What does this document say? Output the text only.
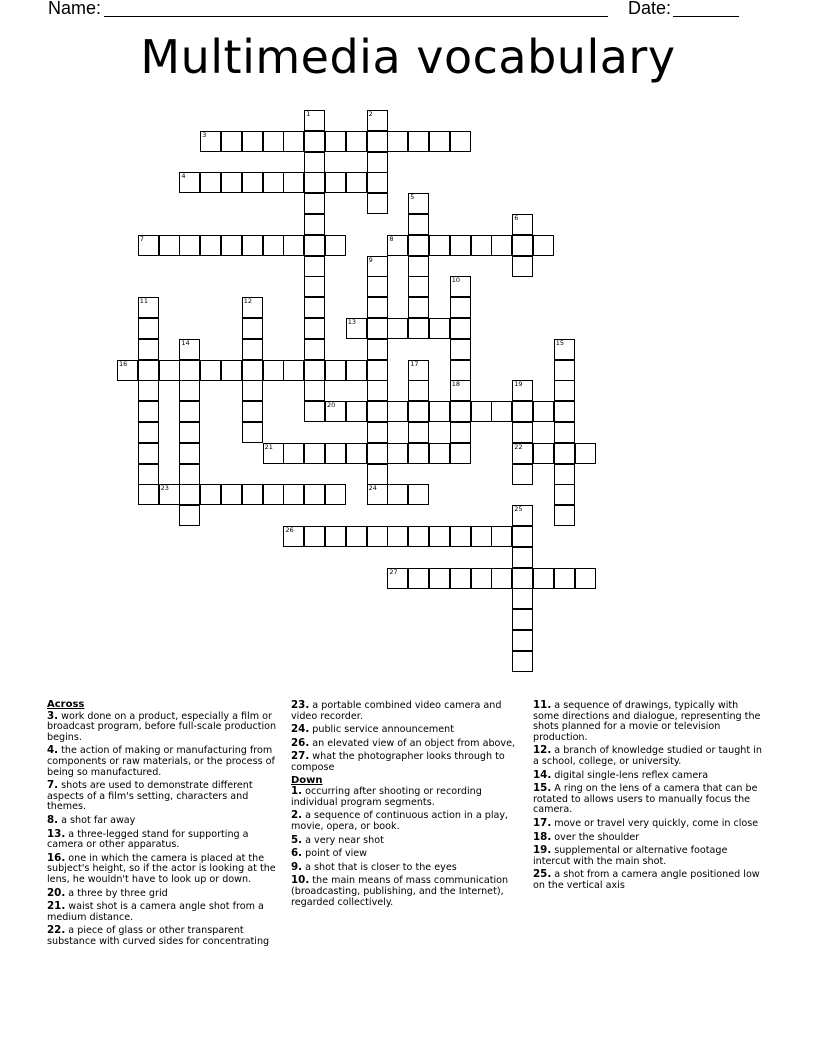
Name:	Date:
Multimedia vocabulary
3
4
7	8
13
16
20
21	22
23	24
26
27
1	2
5
6
9
10
11	12
14	15
17
18	19
25
Across
3. work done on a product, especially a film or broadcast program, before full-scale production begins.
4. the action of making or manufacturing from components or raw materials, or the process of being so manufactured.
7. shots are used to demonstrate different aspects of a film's setting, characters and themes.
8. a shot far away
13. a three-legged stand for supporting a camera or other apparatus.
16. one in which the camera is placed at the subject's height, so if the actor is looking at the lens, he wouldn't have to look up or down.
20. a three by three grid
21. waist shot is a camera angle shot from a medium distance.
22. a piece of glass or other transparent substance with curved sides for concentrating
23. a portable combined video camera and video recorder.
24. public service announcement
26. an elevated view of an object from above,
27. what the photographer looks through to compose
Down
1. occurring after shooting or recording individual program segments.
2. a sequence of continuous action in a play, movie, opera, or book.
5. a very near shot
6. point of view
9. a shot that is closer to the eyes
10. the main means of mass communication (broadcasting, publishing, and the Internet), regarded collectively.
11. a sequence of drawings, typically with some directions and dialogue, representing the shots planned for a movie or television production.
12. a branch of knowledge studied or taught in a school, college, or university.
14. digital single-lens reflex camera
15. A ring on the lens of a camera that can be rotated to allows users to manually focus the camera.
17. move or travel very quickly, come in close
18. over the shoulder
19. supplemental or alternative footage intercut with the main shot.
25. a shot from a camera angle positioned low on the vertical axis
